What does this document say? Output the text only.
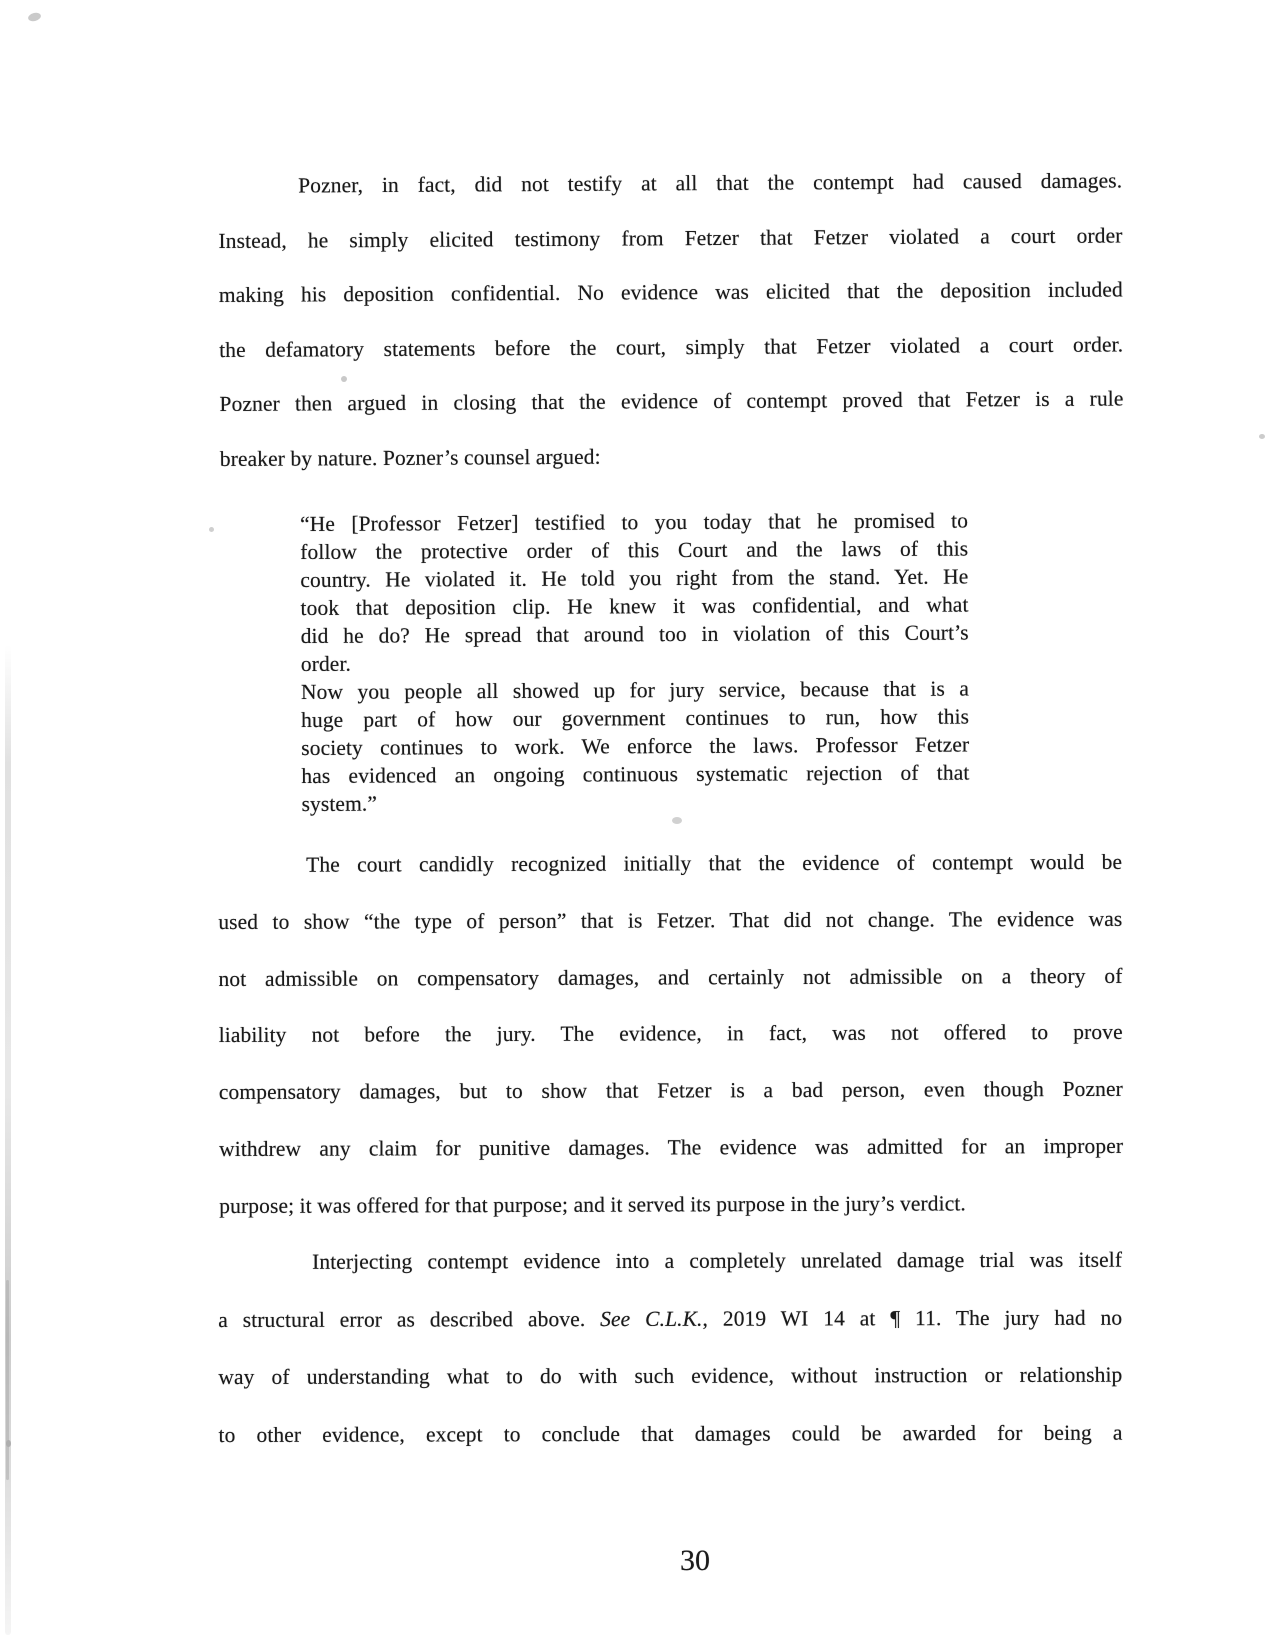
Pozner, in fact, did not testify at all that the contempt had caused damages.
Instead, he simply elicited testimony from Fetzer that Fetzer violated a court order
making his deposition confidential. No evidence was elicited that the deposition included
the defamatory statements before the court, simply that Fetzer violated a court order.
Pozner then argued in closing that the evidence of contempt proved that Fetzer is a rule
breaker by nature. Pozner’s counsel argued:
“He [Professor Fetzer] testified to you today that he promised to
follow the protective order of this Court and the laws of this
country. He violated it. He told you right from the stand. Yet. He
took that deposition clip. He knew it was confidential, and what
did he do? He spread that around too in violation of this Court’s
order.
Now you people all showed up for jury service, because that is a
huge part of how our government continues to run, how this
society continues to work. We enforce the laws. Professor Fetzer
has evidenced an ongoing continuous systematic rejection of that
system.”
The court candidly recognized initially that the evidence of contempt would be
used to show “the type of person” that is Fetzer. That did not change. The evidence was
not admissible on compensatory damages, and certainly not admissible on a theory of
liability not before the jury. The evidence, in fact, was not offered to prove
compensatory damages, but to show that Fetzer is a bad person, even though Pozner
withdrew any claim for punitive damages. The evidence was admitted for an improper
purpose; it was offered for that purpose; and it served its purpose in the jury’s verdict.
Interjecting contempt evidence into a completely unrelated damage trial was itself
a structural error as described above. See C.L.K., 2019 WI 14 at ¶ 11. The jury had no
way of understanding what to do with such evidence, without instruction or relationship
to other evidence, except to conclude that damages could be awarded for being a
30
